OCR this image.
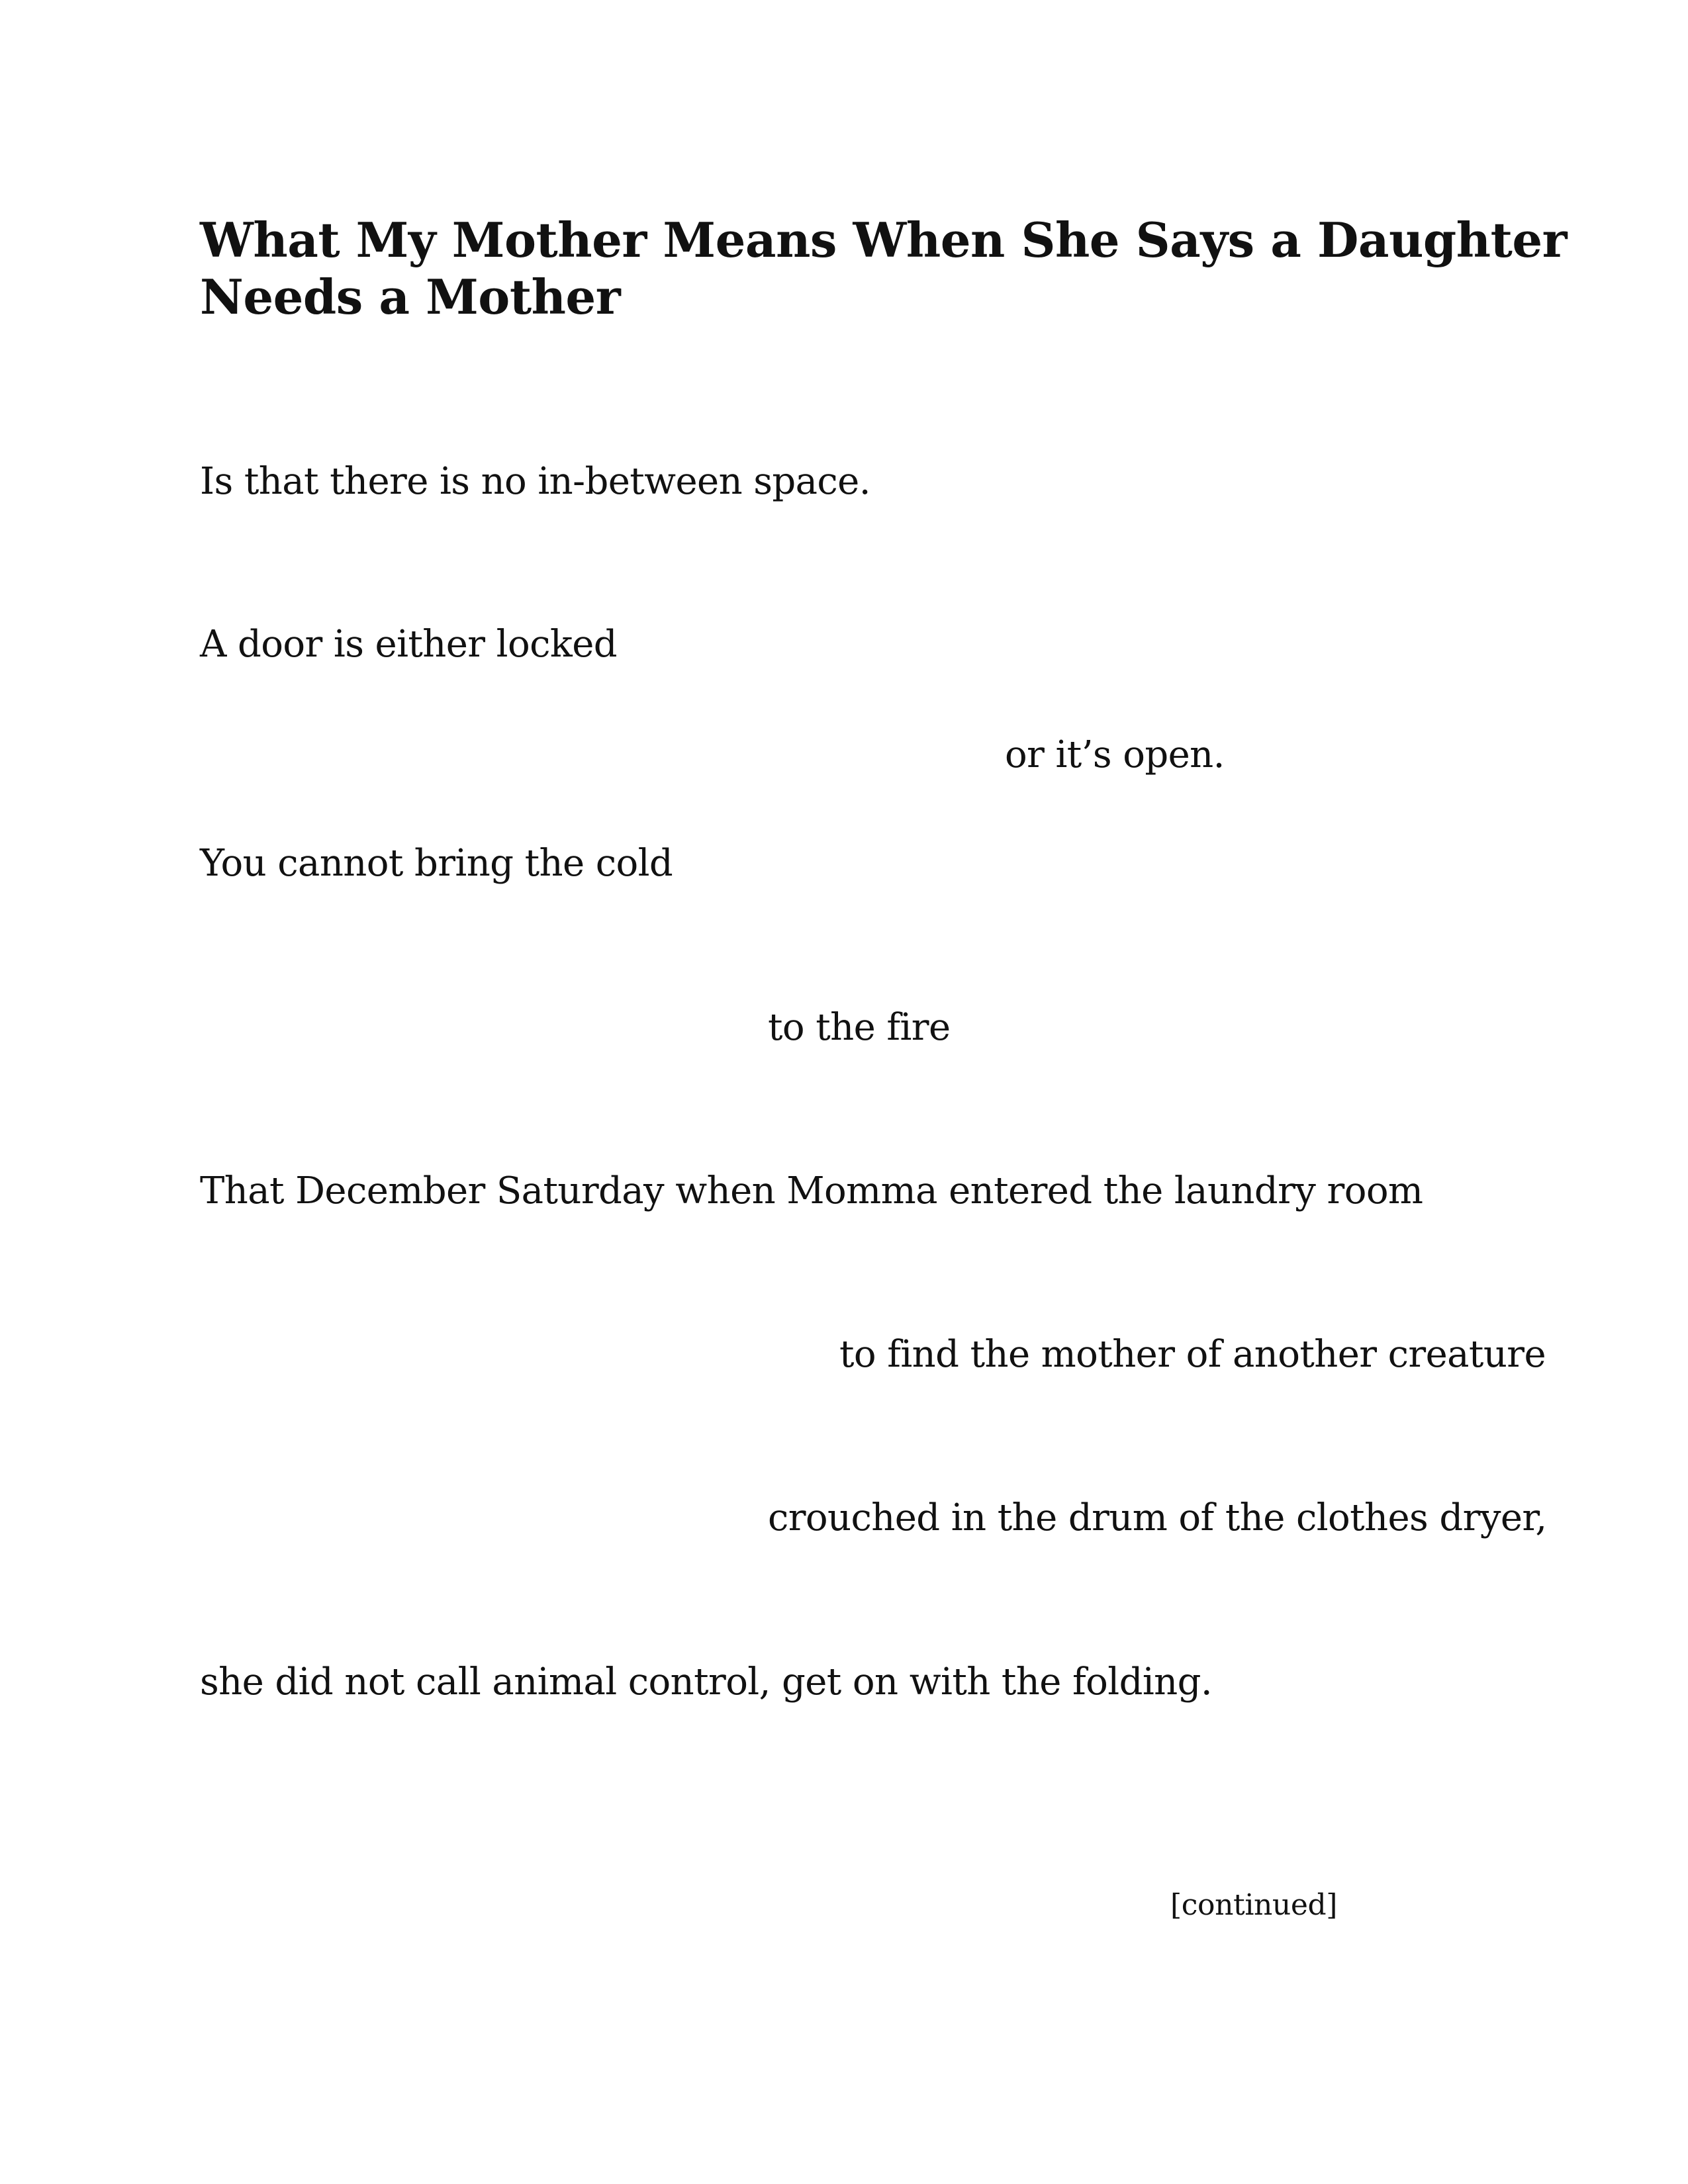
What My Mother Means When She Says a Daughter
Needs a Mother

Is that there is no in-between space.

A door is either locked

or it’s open.

You cannot bring the cold

to the fire

That December Saturday when Momma entered the laundry room

to find the mother of another creature

crouched in the drum of the clothes dryer,

she did not call animal control, get on with the folding.

[continued]
